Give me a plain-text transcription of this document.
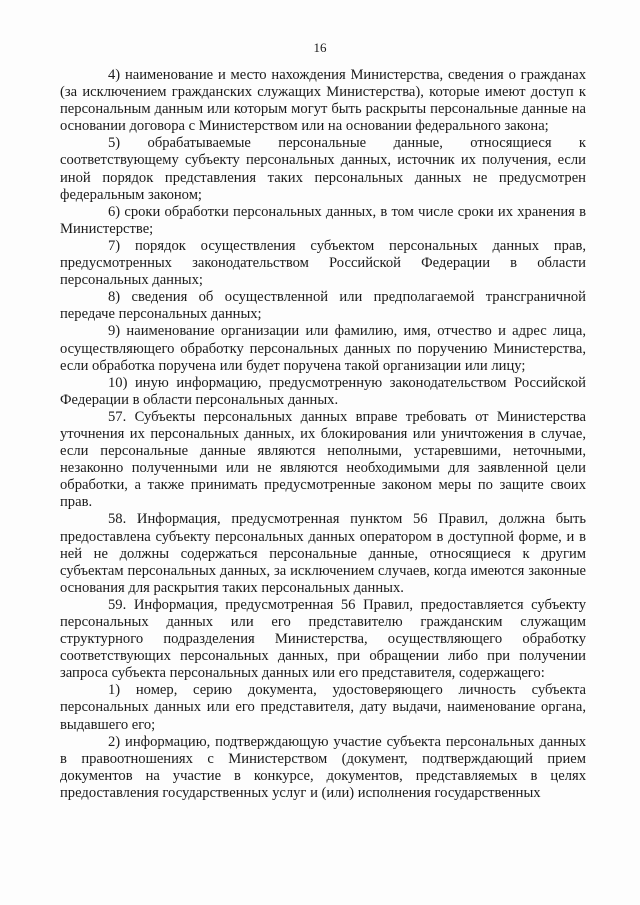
16

4) наименование и место нахождения Министерства, сведения о гражданах (за исключением гражданских служащих Министерства), которые имеют доступ к персональным данным или которым могут быть раскрыты персональные данные на основании договора с Министерством или на основании федерального закона;

5) обрабатываемые персональные данные, относящиеся к соответствующему субъекту персональных данных, источник их получения, если иной порядок представления таких персональных данных не предусмотрен федеральным законом;

6) сроки обработки персональных данных, в том числе сроки их хранения в Министерстве;

7) порядок осуществления субъектом персональных данных прав, предусмотренных законодательством Российской Федерации в области персональных данных;

8) сведения об осуществленной или предполагаемой трансграничной передаче персональных данных;

9) наименование организации или фамилию, имя, отчество и адрес лица, осуществляющего обработку персональных данных по поручению Министерства, если обработка поручена или будет поручена такой организации или лицу;

10) иную информацию, предусмотренную законодательством Российской Федерации в области персональных данных.

57. Субъекты персональных данных вправе требовать от Министерства уточнения их персональных данных, их блокирования или уничтожения в случае, если персональные данные являются неполными, устаревшими, неточными, незаконно полученными или не являются необходимыми для заявленной цели обработки, а также принимать предусмотренные законом меры по защите своих прав.

58. Информация, предусмотренная пунктом 56 Правил, должна быть предоставлена субъекту персональных данных оператором в доступной форме, и в ней не должны содержаться персональные данные, относящиеся к другим субъектам персональных данных, за исключением случаев, когда имеются законные основания для раскрытия таких персональных данных.

59. Информация, предусмотренная 56 Правил, предоставляется субъекту персональных данных или его представителю гражданским служащим структурного подразделения Министерства, осуществляющего обработку соответствующих персональных данных, при обращении либо при получении запроса субъекта персональных данных или его представителя, содержащего:

1) номер, серию документа, удостоверяющего личность субъекта персональных данных или его представителя, дату выдачи, наименование органа, выдавшего его;

2) информацию, подтверждающую участие субъекта персональных данных в правоотношениях с Министерством (документ, подтверждающий прием документов на участие в конкурсе, документов, представляемых в целях предоставления государственных услуг и (или) исполнения государственных
